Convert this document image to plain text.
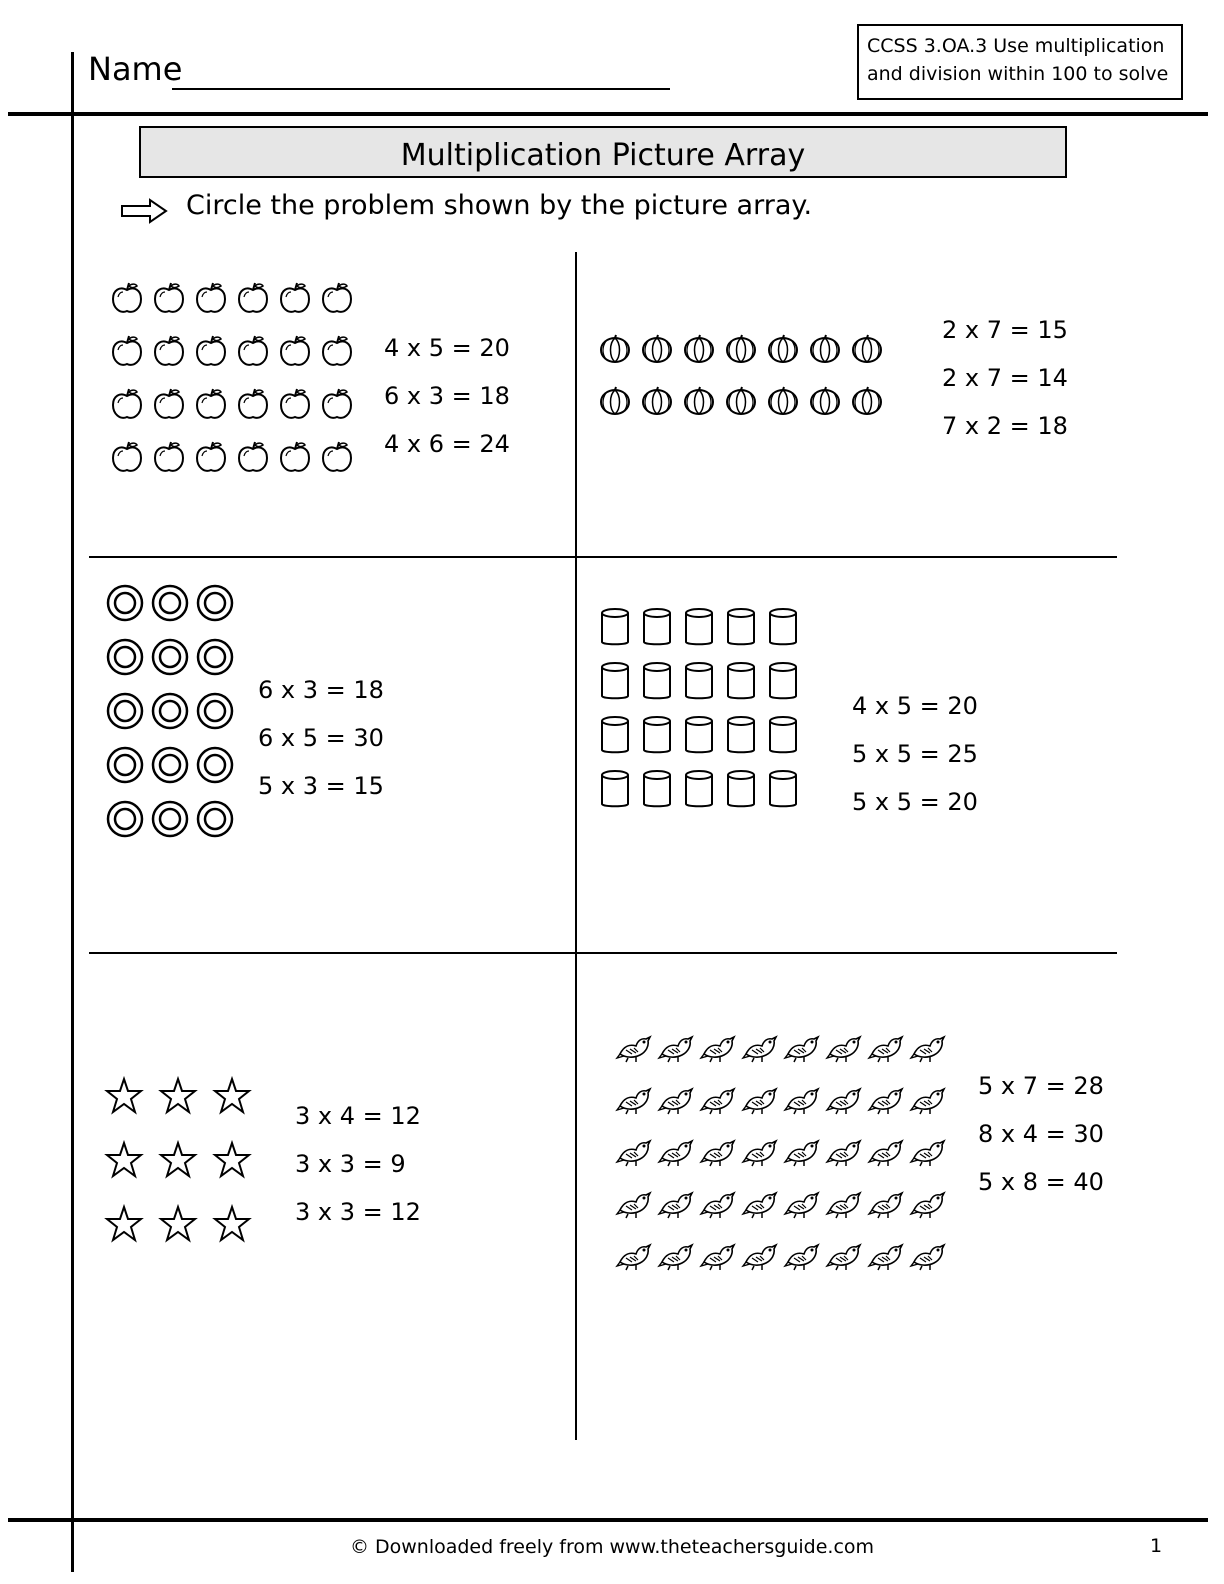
Name
CCSS 3.OA.3 Use multiplication
and division within 100 to solve
Multiplication Picture Array
Circle the problem shown by the picture array.
4 x 5 = 20
6 x 3 = 18
4 x 6 = 24
2 x 7 = 15
2 x 7 = 14
7 x 2 = 18
6 x 3 = 18
6 x 5 = 30
5 x 3 = 15
4 x 5 = 20
5 x 5 = 25
5 x 5 = 20
3 x 4 = 12
3 x 3 = 9
3 x 3 = 12
5 x 7 = 28
8 x 4 = 30
5 x 8 = 40
© Downloaded freely from www.theteachersguide.com	1
